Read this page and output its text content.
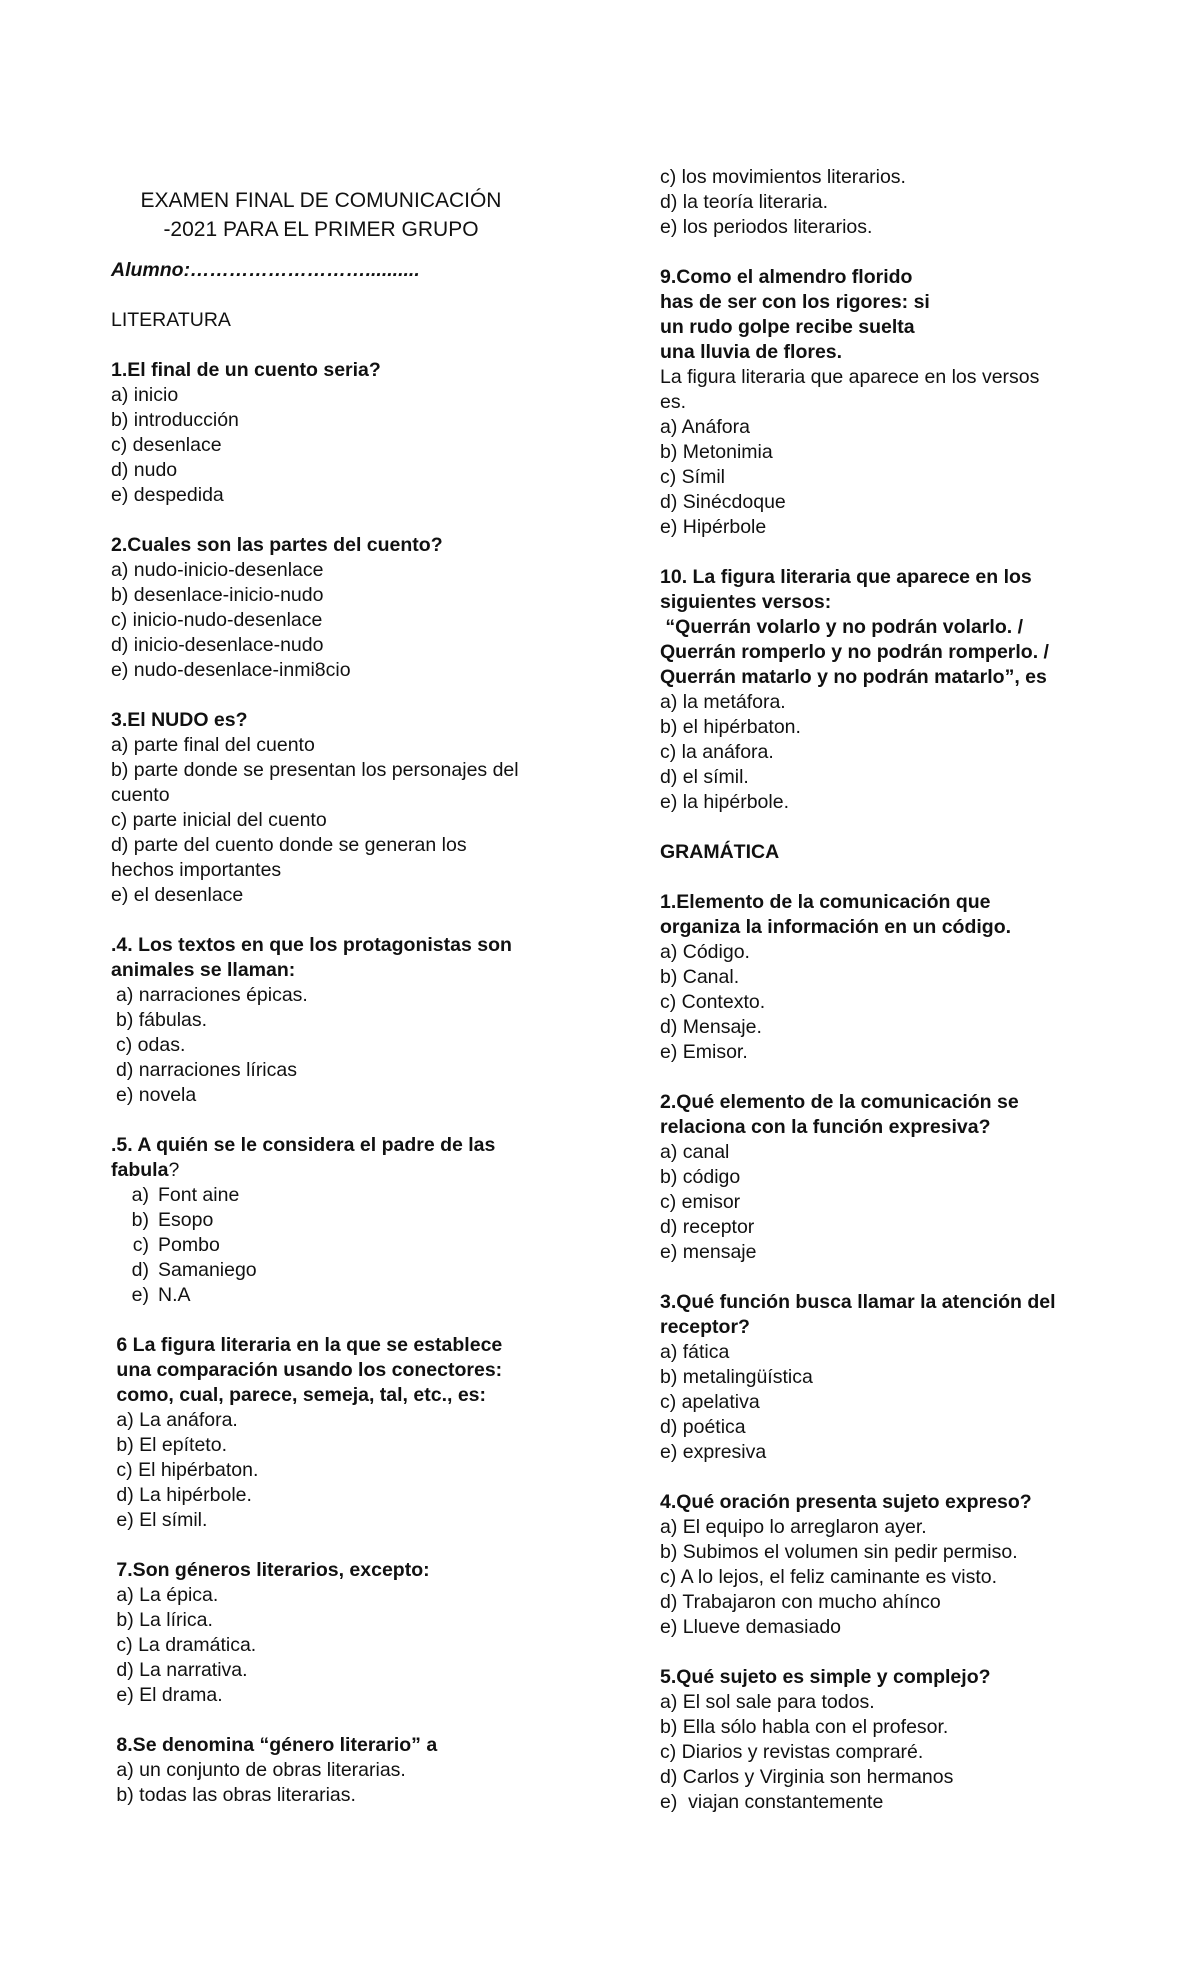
EXAMEN FINAL DE COMUNICACIÓN
-2021 PARA EL PRIMER GRUPO
Alumno:………………………..........
LITERATURA
1.El final de un cuento seria?
a) inicio
b) introducción
c) desenlace
d) nudo
e) despedida
2.Cuales son las partes del cuento?
a) nudo-inicio-desenlace
b) desenlace-inicio-nudo
c) inicio-nudo-desenlace
d) inicio-desenlace-nudo
e) nudo-desenlace-inmi8cio
3.El NUDO es?
a) parte final del cuento
b) parte donde se presentan los personajes del
cuento
c) parte inicial del cuento
d) parte del cuento donde se generan los
hechos importantes
e) el desenlace
.4. Los textos en que los protagonistas son
animales se llaman:
a) narraciones épicas.
b) fábulas.
c) odas.
d) narraciones líricas
e) novela
.5. A quién se le considera el padre de las
fabula?
a) Font aine
b) Esopo
c) Pombo
d) Samaniego
e) N.A
6 La figura literaria en la que se establece
una comparación usando los conectores:
como, cual, parece, semeja, tal, etc., es:
a) La anáfora.
b) El epíteto.
c) El hipérbaton.
d) La hipérbole.
e) El símil.
7.Son géneros literarios, excepto:
a) La épica.
b) La lírica.
c) La dramática.
d) La narrativa.
e) El drama.
8.Se denomina “género literario” a
a) un conjunto de obras literarias.
b) todas las obras literarias.
c) los movimientos literarios.
d) la teoría literaria.
e) los periodos literarios.
9.Como el almendro florido
has de ser con los rigores: si
un rudo golpe recibe suelta
una lluvia de flores.
La figura literaria que aparece en los versos
es.
a) Anáfora
b) Metonimia
c) Símil
d) Sinécdoque
e) Hipérbole
10. La figura literaria que aparece en los
siguientes versos:
“Querrán volarlo y no podrán volarlo. /
Querrán romperlo y no podrán romperlo. /
Querrán matarlo y no podrán matarlo”, es
a) la metáfora.
b) el hipérbaton.
c) la anáfora.
d) el símil.
e) la hipérbole.
GRAMÁTICA
1.Elemento de la comunicación que
organiza la información en un código.
a) Código.
b) Canal.
c) Contexto.
d) Mensaje.
e) Emisor.
2.Qué elemento de la comunicación se
relaciona con la función expresiva?
a) canal
b) código
c) emisor
d) receptor
e) mensaje
3.Qué función busca llamar la atención del
receptor?
a) fática
b) metalingüística
c) apelativa
d) poética
e) expresiva
4.Qué oración presenta sujeto expreso?
a) El equipo lo arreglaron ayer.
b) Subimos el volumen sin pedir permiso.
c) A lo lejos, el feliz caminante es visto.
d) Trabajaron con mucho ahínco
e) Llueve demasiado
5.Qué sujeto es simple y complejo?
a) El sol sale para todos.
b) Ella sólo habla con el profesor.
c) Diarios y revistas compraré.
d) Carlos y Virginia son hermanos
e)  viajan constantemente
